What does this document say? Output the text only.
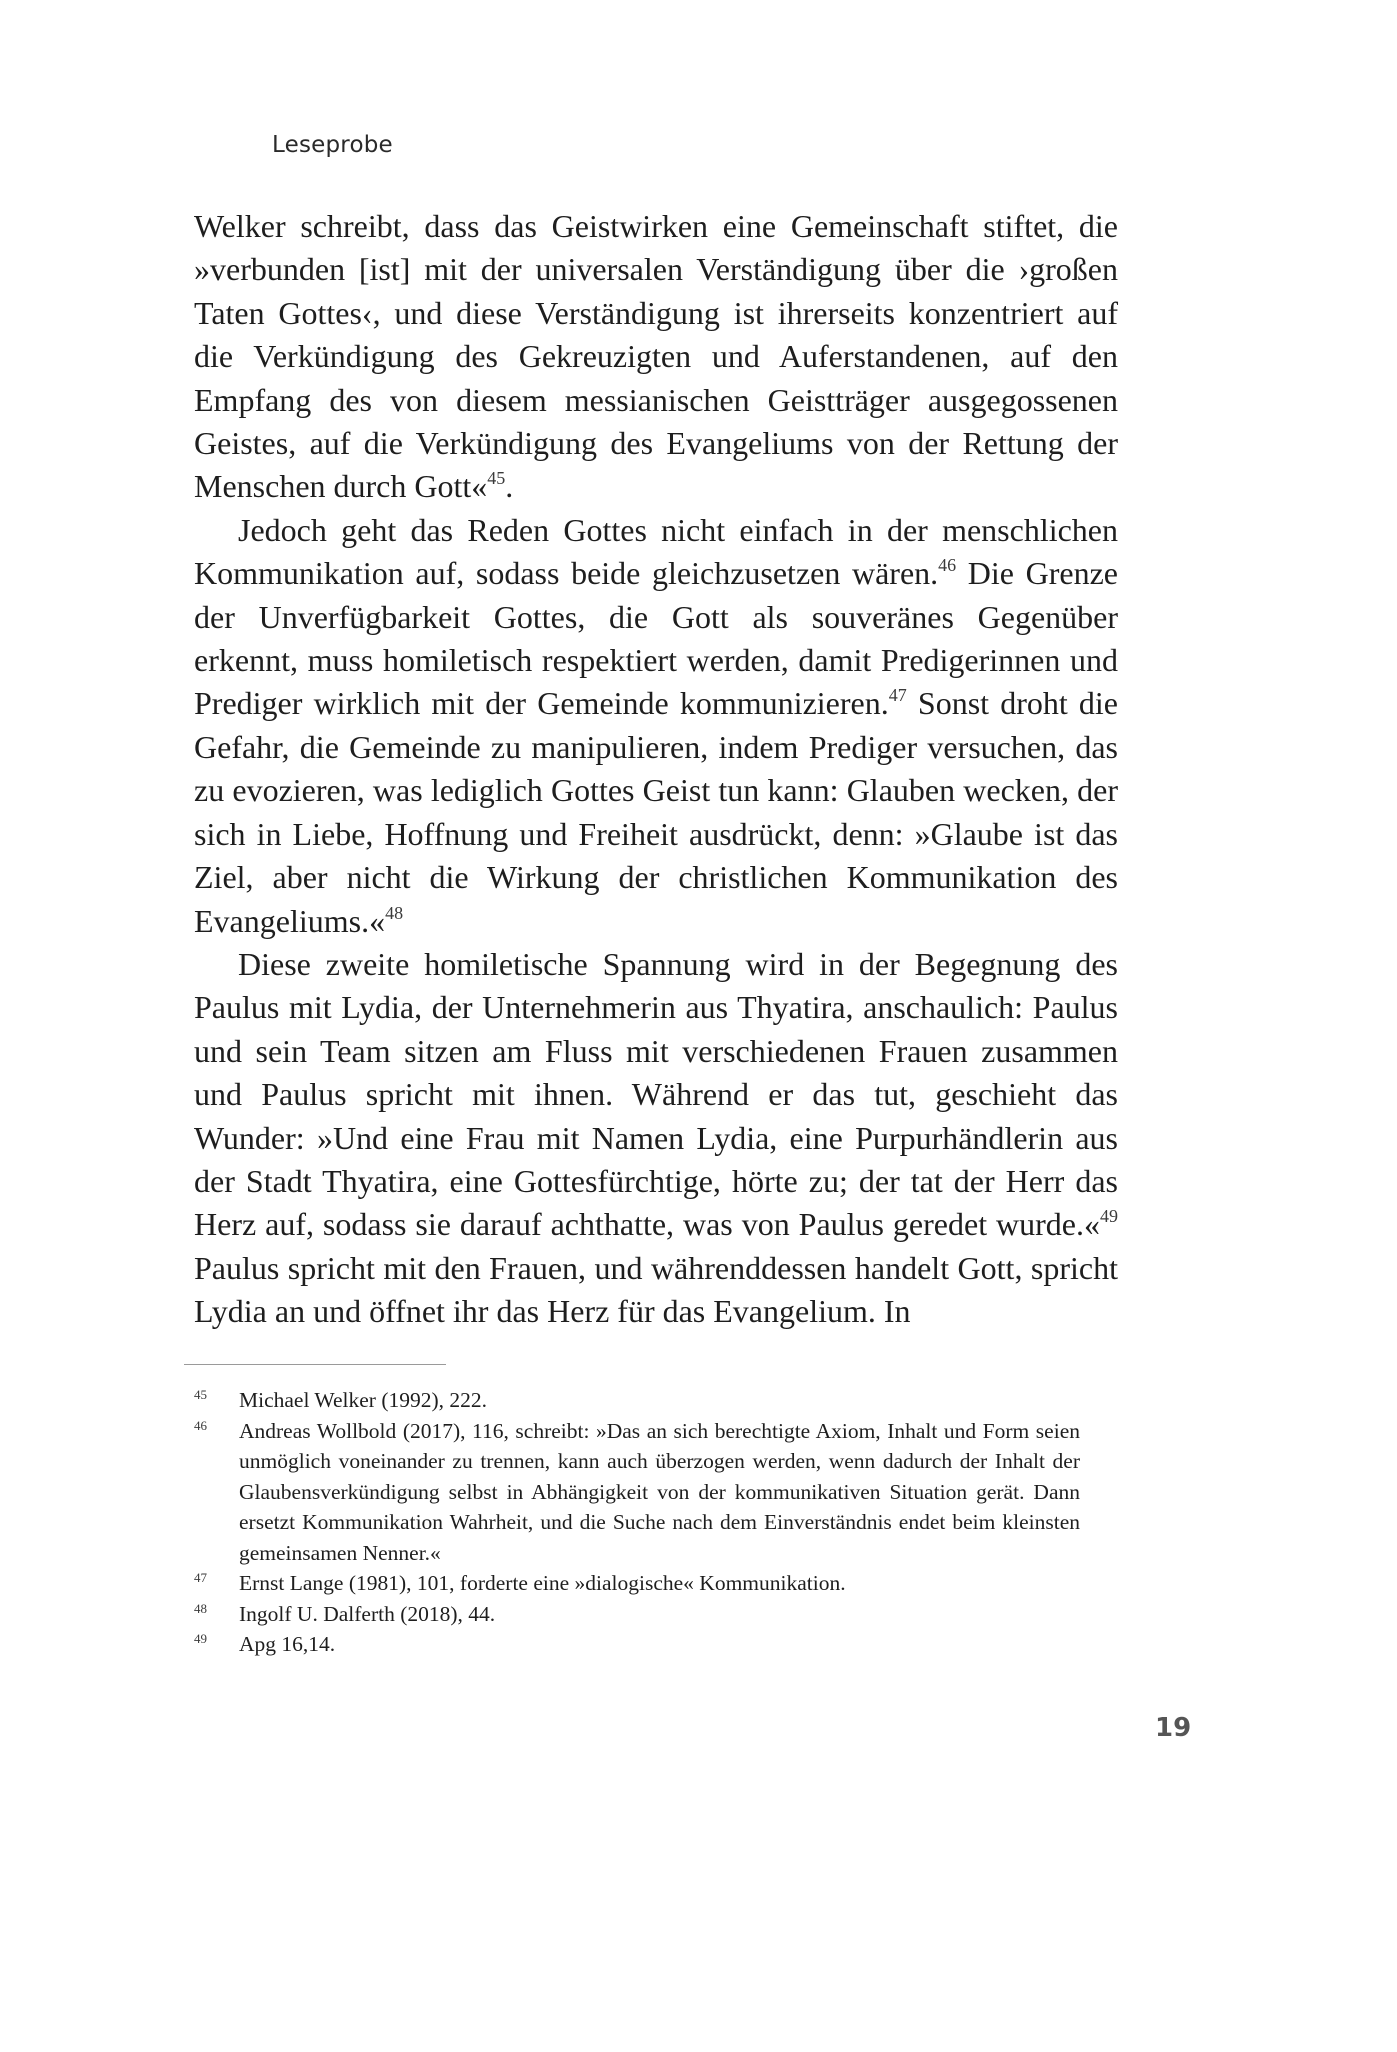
Leseprobe

Welker schreibt, dass das Geistwirken eine Gemeinschaft stiftet, die »verbunden [ist] mit der universalen Verständigung über die ›großen Taten Gottes‹, und diese Verständigung ist ihrerseits konzentriert auf die Verkündigung des Gekreuzigten und Auferstandenen, auf den Empfang des von diesem messianischen Geistträger ausgegossenen Geistes, auf die Verkündigung des Evangeliums von der Rettung der Menschen durch Gott«$^{45}$.

Jedoch geht das Reden Gottes nicht einfach in der menschlichen Kommunikation auf, sodass beide gleichzusetzen wären.$^{46}$ Die Grenze der Unverfügbarkeit Gottes, die Gott als souveränes Gegenüber erkennt, muss homiletisch respektiert werden, damit Predigerinnen und Prediger wirklich mit der Gemeinde kommunizieren.$^{47}$ Sonst droht die Gefahr, die Gemeinde zu manipulieren, indem Prediger versuchen, das zu evozieren, was lediglich Gottes Geist tun kann: Glauben wecken, der sich in Liebe, Hoffnung und Freiheit ausdrückt, denn: »Glaube ist das Ziel, aber nicht die Wirkung der christlichen Kommunikation des Evangeliums.«$^{48}$

Diese zweite homiletische Spannung wird in der Begegnung des Paulus mit Lydia, der Unternehmerin aus Thyatira, anschaulich: Paulus und sein Team sitzen am Fluss mit verschiedenen Frauen zusammen und Paulus spricht mit ihnen. Während er das tut, geschieht das Wunder: »Und eine Frau mit Namen Lydia, eine Purpurhändlerin aus der Stadt Thyatira, eine Gottesfürchtige, hörte zu; der tat der Herr das Herz auf, sodass sie darauf achthatte, was von Paulus geredet wurde.«$^{49}$ Paulus spricht mit den Frauen, und währenddessen handelt Gott, spricht Lydia an und öffnet ihr das Herz für das Evangelium. In

45 Michael Welker (1992), 222.
46 Andreas Wollbold (2017), 116, schreibt: »Das an sich berechtigte Axiom, Inhalt und Form seien unmöglich voneinander zu trennen, kann auch überzogen werden, wenn dadurch der Inhalt der Glaubensverkündigung selbst in Abhängigkeit von der kommunikativen Situation gerät. Dann ersetzt Kommunikation Wahrheit, und die Suche nach dem Einverständnis endet beim kleinsten gemeinsamen Nenner.«
47 Ernst Lange (1981), 101, forderte eine »dialogische« Kommunikation.
48 Ingolf U. Dalferth (2018), 44.
49 Apg 16,14.
19
